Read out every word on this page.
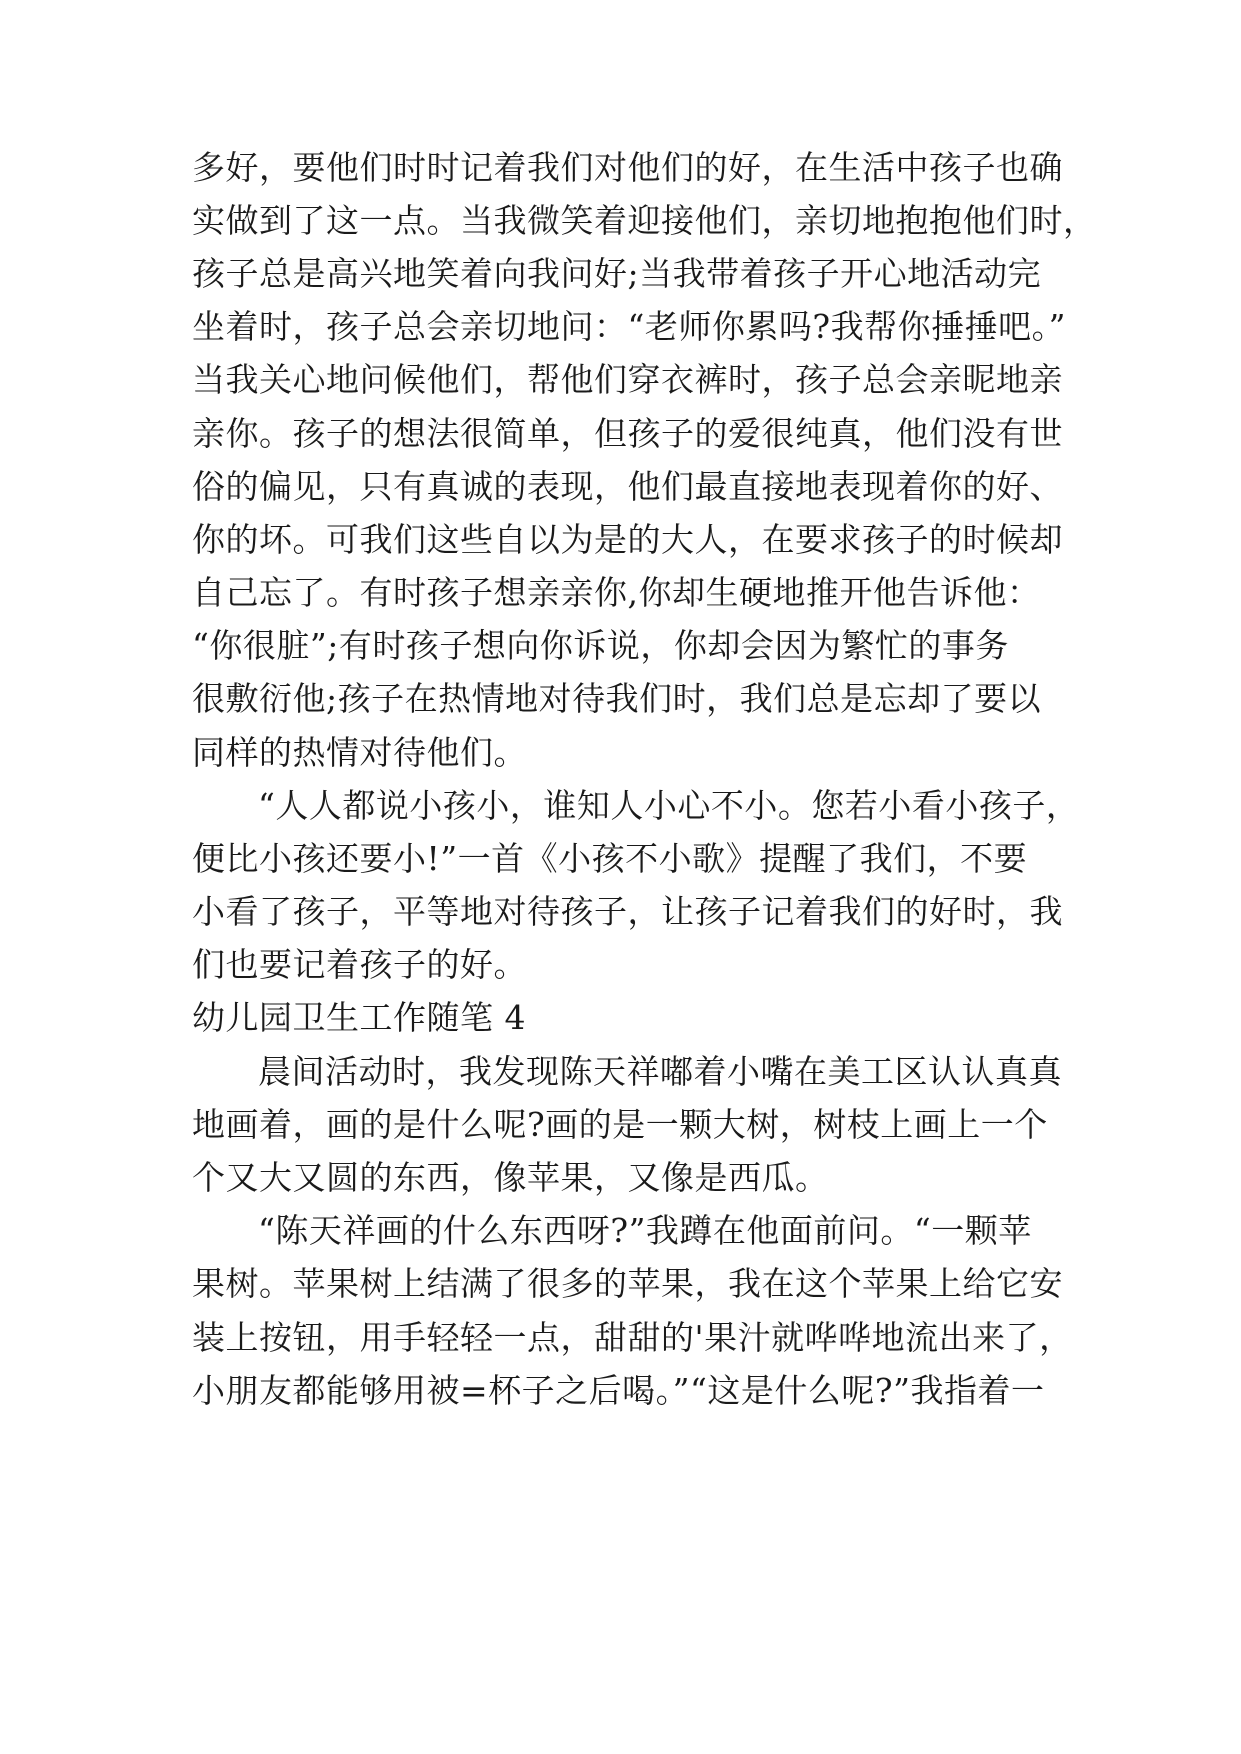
多好，要他们时时记着我们对他们的好，在生活中孩子也确
实做到了这一点。当我微笑着迎接他们，亲切地抱抱他们时，
孩子总是高兴地笑着向我问好;当我带着孩子开心地活动完
坐着时，孩子总会亲切地问：“老师你累吗?我帮你捶捶吧。”
当我关心地问候他们，帮他们穿衣裤时，孩子总会亲昵地亲
亲你。孩子的想法很简单，但孩子的爱很纯真，他们没有世
俗的偏见，只有真诚的表现，他们最直接地表现着你的好、
你的坏。可我们这些自以为是的大人，在要求孩子的时候却
自己忘了。有时孩子想亲亲你,你却生硬地推开他告诉他：
“你很脏”;有时孩子想向你诉说，你却会因为繁忙的事务
很敷衍他;孩子在热情地对待我们时，我们总是忘却了要以
同样的热情对待他们。
“人人都说小孩小，谁知人小心不小。您若小看小孩子，
便比小孩还要小!”一首《小孩不小歌》提醒了我们，不要
小看了孩子，平等地对待孩子，让孩子记着我们的好时，我
们也要记着孩子的好。
幼儿园卫生工作随笔 4
晨间活动时，我发现陈天祥嘟着小嘴在美工区认认真真
地画着，画的是什么呢?画的是一颗大树，树枝上画上一个
个又大又圆的东西，像苹果，又像是西瓜。
“陈天祥画的什么东西呀?”我蹲在他面前问。“一颗苹
果树。苹果树上结满了很多的苹果，我在这个苹果上给它安
装上按钮，用手轻轻一点，甜甜的'果汁就哗哗地流出来了，
小朋友都能够用被=杯子之后喝。”“这是什么呢?”我指着一
